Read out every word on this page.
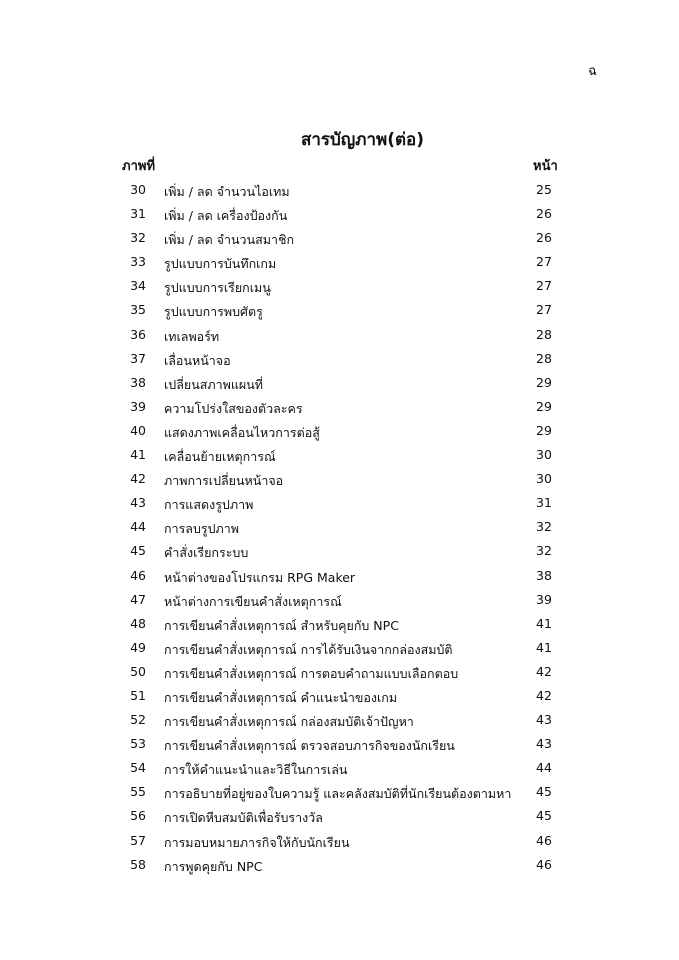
ฉ
สารบัญภาพ(ต่อ)
ภาพที่	หน้า
30 เพิ่ม / ลด จำนวนไอเทม	25
31 เพิ่ม / ลด เครื่องป้องกัน	26
32 เพิ่ม / ลด จำนวนสมาชิก	26
33 รูปแบบการบันทึกเกม	27
34 รูปแบบการเรียกเมนู	27
35 รูปแบบการพบศัตรู	27
36 เทเลพอร์ท	28
37 เลื่อนหน้าจอ	28
38 เปลี่ยนสภาพแผนที่	29
39 ความโปร่งใสของตัวละคร	29
40 แสดงภาพเคลื่อนไหวการต่อสู้	29
41 เคลื่อนย้ายเหตุการณ์	30
42 ภาพการเปลี่ยนหน้าจอ	30
43 การแสดงรูปภาพ	31
44 การลบรูปภาพ	32
45 คำสั่งเรียกระบบ	32
46 หน้าต่างของโปรแกรม RPG Maker	38
47 หน้าต่างการเขียนคำสั่งเหตุการณ์	39
48 การเขียนคำสั่งเหตุการณ์ สำหรับคุยกับ NPC	41
49 การเขียนคำสั่งเหตุการณ์ การได้รับเงินจากกล่องสมบัติ	41
50 การเขียนคำสั่งเหตุการณ์ การตอบคำถามแบบเลือกตอบ	42
51 การเขียนคำสั่งเหตุการณ์ คำแนะนำของเกม	42
52 การเขียนคำสั่งเหตุการณ์ กล่องสมบัติเจ้าปัญหา	43
53 การเขียนคำสั่งเหตุการณ์ ตรวจสอบภารกิจของนักเรียน	43
54 การให้คำแนะนำและวิธีในการเล่น	44
55 การอธิบายที่อยู่ของใบความรู้ และคลังสมบัติที่นักเรียนต้องตามหา	45
56 การเปิดหีบสมบัติเพื่อรับรางวัล	45
57 การมอบหมายภารกิจให้กับนักเรียน	46
58 การพูดคุยกับ NPC	46
